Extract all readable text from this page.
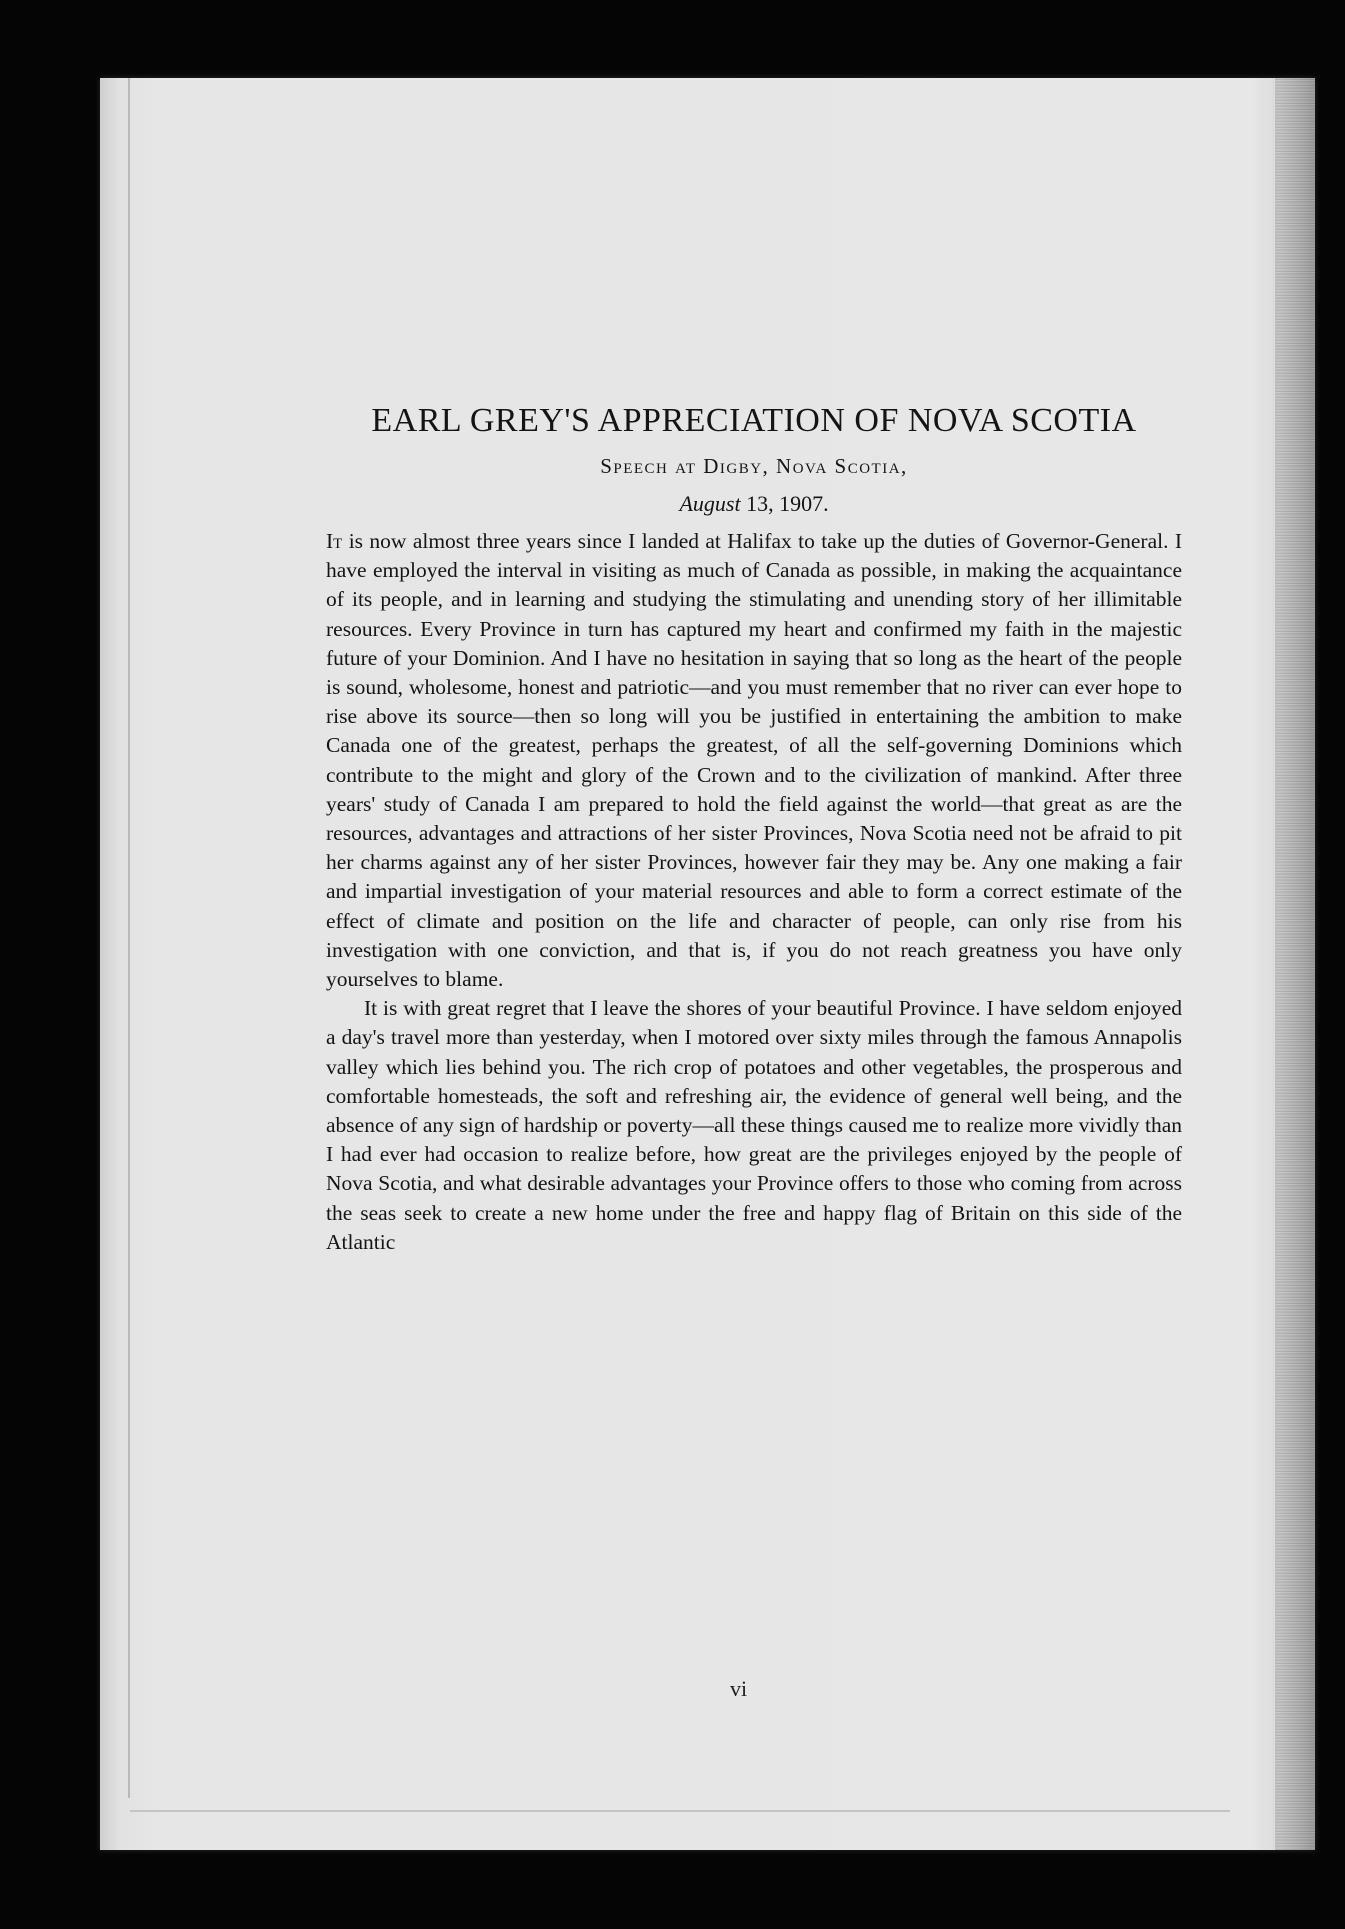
EARL GREY'S APPRECIATION OF NOVA SCOTIA
Speech at Digby, Nova Scotia,
August 13, 1907.

It is now almost three years since I landed at Halifax to take up the duties of Governor-General. I have employed the interval in visiting as much of Canada as possible, in making the acquaintance of its people, and in learning and studying the stimulating and unending story of her illimitable resources. Every Province in turn has captured my heart and confirmed my faith in the majestic future of your Dominion. And I have no hesitation in saying that so long as the heart of the people is sound, wholesome, honest and patriotic—and you must remember that no river can ever hope to rise above its source—then so long will you be justified in entertaining the ambition to make Canada one of the greatest, perhaps the greatest, of all the self-governing Dominions which contribute to the might and glory of the Crown and to the civilization of mankind. After three years' study of Canada I am prepared to hold the field against the world—that great as are the resources, advantages and attractions of her sister Provinces, Nova Scotia need not be afraid to pit her charms against any of her sister Provinces, however fair they may be. Any one making a fair and impartial investigation of your material resources and able to form a correct estimate of the effect of climate and position on the life and character of people, can only rise from his investigation with one conviction, and that is, if you do not reach greatness you have only yourselves to blame.

It is with great regret that I leave the shores of your beautiful Province. I have seldom enjoyed a day's travel more than yesterday, when I motored over sixty miles through the famous Annapolis valley which lies behind you. The rich crop of potatoes and other vegetables, the prosperous and comfortable homesteads, the soft and refreshing air, the evidence of general well being, and the absence of any sign of hardship or poverty—all these things caused me to realize more vividly than I had ever had occasion to realize before, how great are the privileges enjoyed by the people of Nova Scotia, and what desirable advantages your Province offers to those who coming from across the seas seek to create a new home under the free and happy flag of Britain on this side of the Atlantic

vi
